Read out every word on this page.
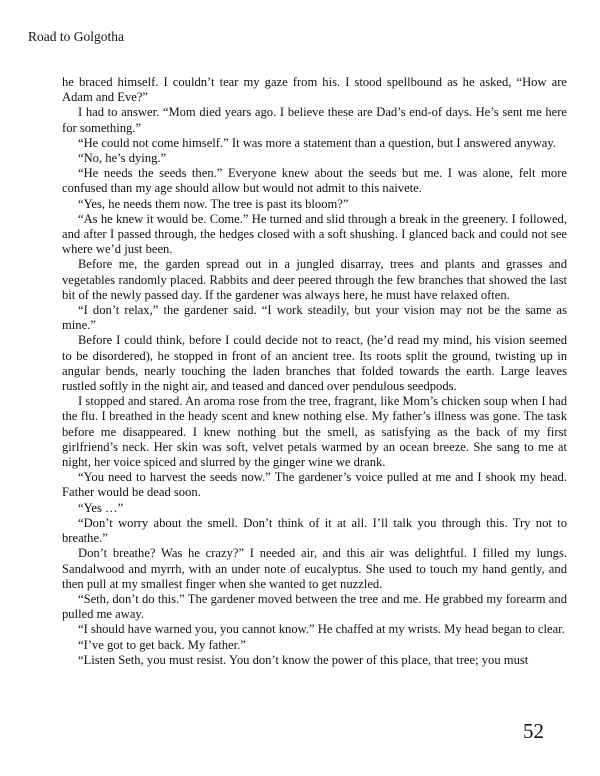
Road to Golgotha

he braced himself. I couldn’t tear my gaze from his. I stood spellbound as he asked, “How are Adam and Eve?”

I had to answer. “Mom died years ago. I believe these are Dad’s end-of days. He’s sent me here for something.”

“He could not come himself.” It was more a statement than a question, but I answered anyway.

“No, he’s dying.”

“He needs the seeds then.” Everyone knew about the seeds but me. I was alone, felt more confused than my age should allow but would not admit to this naivete.

“Yes, he needs them now. The tree is past its bloom?”

“As he knew it would be. Come.” He turned and slid through a break in the greenery. I followed, and after I passed through, the hedges closed with a soft shushing. I glanced back and could not see where we’d just been.

Before me, the garden spread out in a jungled disarray, trees and plants and grasses and vegetables randomly placed. Rabbits and deer peered through the few branches that showed the last bit of the newly passed day. If the gardener was always here, he must have relaxed often.

“I don’t relax,” the gardener said. “I work steadily, but your vision may not be the same as mine.”

Before I could think, before I could decide not to react, (he’d read my mind, his vision seemed to be disordered), he stopped in front of an ancient tree. Its roots split the ground, twisting up in angular bends, nearly touching the laden branches that folded towards the earth. Large leaves rustled softly in the night air, and teased and danced over pendulous seedpods.

I stopped and stared. An aroma rose from the tree, fragrant, like Mom’s chicken soup when I had the flu. I breathed in the heady scent and knew nothing else. My father’s illness was gone. The task before me disappeared. I knew nothing but the smell, as satisfying as the back of my first girlfriend’s neck. Her skin was soft, velvet petals warmed by an ocean breeze. She sang to me at night, her voice spiced and slurred by the ginger wine we drank.

“You need to harvest the seeds now.” The gardener’s voice pulled at me and I shook my head. Father would be dead soon.

“Yes …”

“Don’t worry about the smell. Don’t think of it at all. I’ll talk you through this. Try not to breathe.”

Don’t breathe? Was he crazy?” I needed air, and this air was delightful. I filled my lungs. Sandalwood and myrrh, with an under note of eucalyptus. She used to touch my hand gently, and then pull at my smallest finger when she wanted to get nuzzled.

“Seth, don’t do this.” The gardener moved between the tree and me. He grabbed my forearm and pulled me away.

“I should have warned you, you cannot know.” He chaffed at my wrists. My head began to clear.

“I’ve got to get back. My father.”

“Listen Seth, you must resist. You don’t know the power of this place, that tree; you must

52
